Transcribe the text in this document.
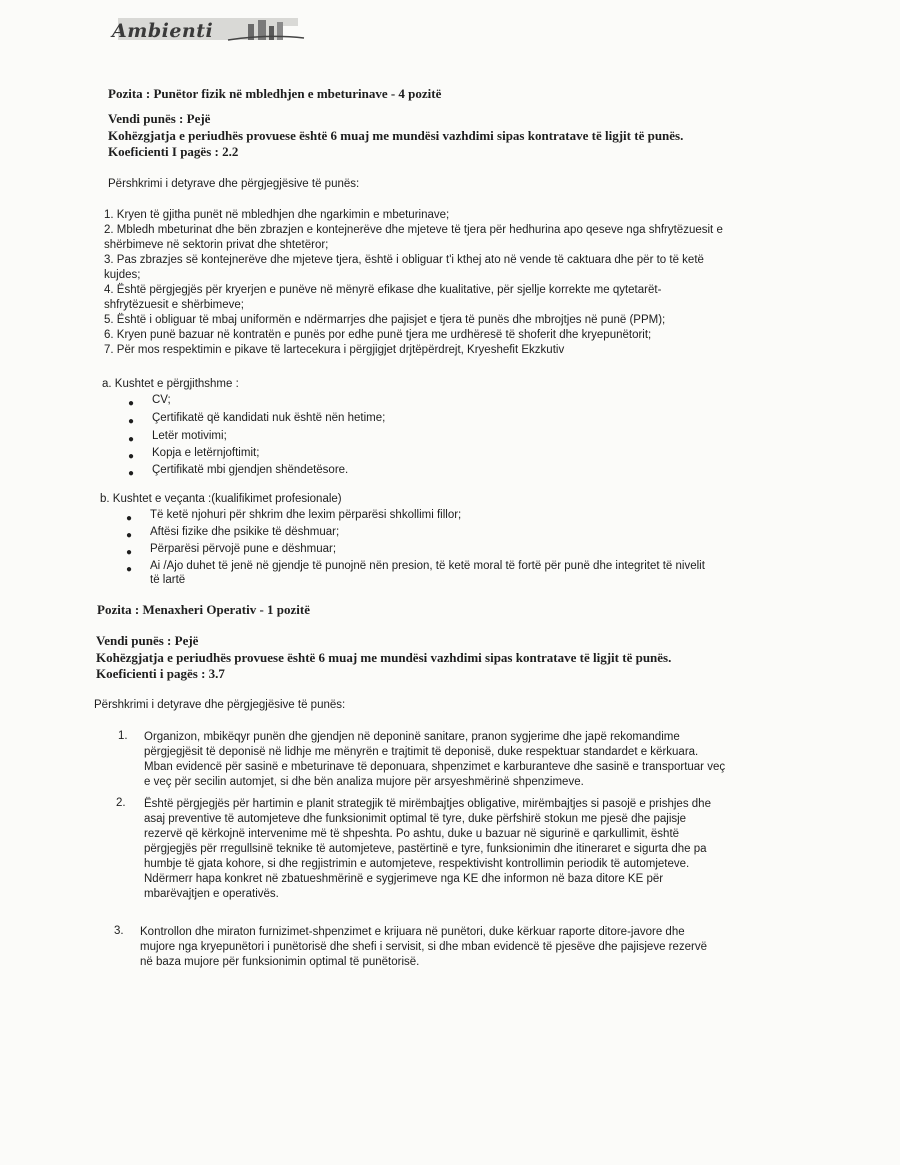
Ambienti
Pozita : Punëtor fizik në mbledhjen e mbeturinave - 4 pozitë
Vendi punës : Pejë
Kohëzgjatja e periudhës provuese është 6 muaj me mundësi vazhdimi sipas kontratave të ligjit të punës.
Koeficienti I pagës : 2.2
Përshkrimi i detyrave dhe përgjegjësive të punës:
1. Kryen të gjitha punët në mbledhjen dhe ngarkimin e mbeturinave;
2. Mbledh mbeturinat dhe bën zbrazjen e kontejnerëve dhe mjeteve të tjera për hedhurina apo qeseve nga shfrytëzuesit e
shërbimeve në sektorin privat dhe shtetëror;
3. Pas zbrazjes së kontejnerëve dhe mjeteve tjera, është i obliguar t'i kthej ato në vende të caktuara dhe për to të ketë
kujdes;
4. Është përgjegjës për kryerjen e punëve në mënyrë efikase dhe kualitative, për sjellje korrekte me qytetarët-
shfrytëzuesit e shërbimeve;
5. Është i obliguar të mbaj uniformën e ndërmarrjes dhe pajisjet e tjera të punës dhe mbrojtjes në punë (PPM);
6. Kryen punë bazuar në kontratën e punës por edhe punë tjera me urdhëresë të shoferit dhe kryepunëtorit;
7. Për mos respektimin e pikave të lartecekura i përgjigjet drjtëpërdrejt, Kryeshefit Ekzkutiv
a. Kushtet e përgjithshme :
● CV;
● Çertifikatë që kandidati nuk është nën hetime;
● Letër motivimi;
● Kopja e letërnjoftimit;
● Çertifikatë mbi gjendjen shëndetësore.
b. Kushtet e veçanta :(kualifikimet profesionale)
● Të ketë njohuri për shkrim dhe lexim përparësi shkollimi fillor;
● Aftësi fizike dhe psikike të dëshmuar;
● Përparësi përvojë pune e dëshmuar;
● Ai /Ajo duhet të jenë në gjendje të punojnë nën presion, të ketë moral të fortë për punë dhe integritet të nivelit
të lartë
Pozita : Menaxheri Operativ - 1 pozitë
Vendi punës : Pejë
Kohëzgjatja e periudhës provuese është 6 muaj me mundësi vazhdimi sipas kontratave të ligjit të punës.
Koeficienti i pagës : 3.7
Përshkrimi i detyrave dhe përgjegjësive të punës:
1. Organizon, mbikëqyr punën dhe gjendjen në deponinë sanitare, pranon sygjerime dhe japë rekomandime
përgjegjësit të deponisë në lidhje me mënyrën e trajtimit të deponisë, duke respektuar standardet e kërkuara.
Mban evidencë për sasinë e mbeturinave të deponuara, shpenzimet e karburanteve dhe sasinë e transportuar veç
e veç për secilin automjet, si dhe bën analiza mujore për arsyeshmërinë shpenzimeve.
2. Është përgjegjës për hartimin e planit strategjik të mirëmbajtjes obligative, mirëmbajtjes si pasojë e prishjes dhe
asaj preventive të automjeteve dhe funksionimit optimal të tyre, duke përfshirë stokun me pjesë dhe pajisje
rezervë që kërkojnë intervenime më të shpeshta. Po ashtu, duke u bazuar në sigurinë e qarkullimit, është
përgjegjës për rregullsinë teknike të automjeteve, pastërtinë e tyre, funksionimin dhe itineraret e sigurta dhe pa
humbje të gjata kohore, si dhe regjistrimin e automjeteve, respektivisht kontrollimin periodik të automjeteve.
Ndërmerr hapa konkret në zbatueshmërinë e sygjerimeve nga KE dhe informon në baza ditore KE për
mbarëvajtjen e operativës.
3. Kontrollon dhe miraton furnizimet-shpenzimet e krijuara në punëtori, duke kërkuar raporte ditore-javore dhe
mujore nga kryepunëtori i punëtorisë dhe shefi i servisit, si dhe mban evidencë të pjesëve dhe pajisjeve rezervë
në baza mujore për funksionimin optimal të punëtorisë.
